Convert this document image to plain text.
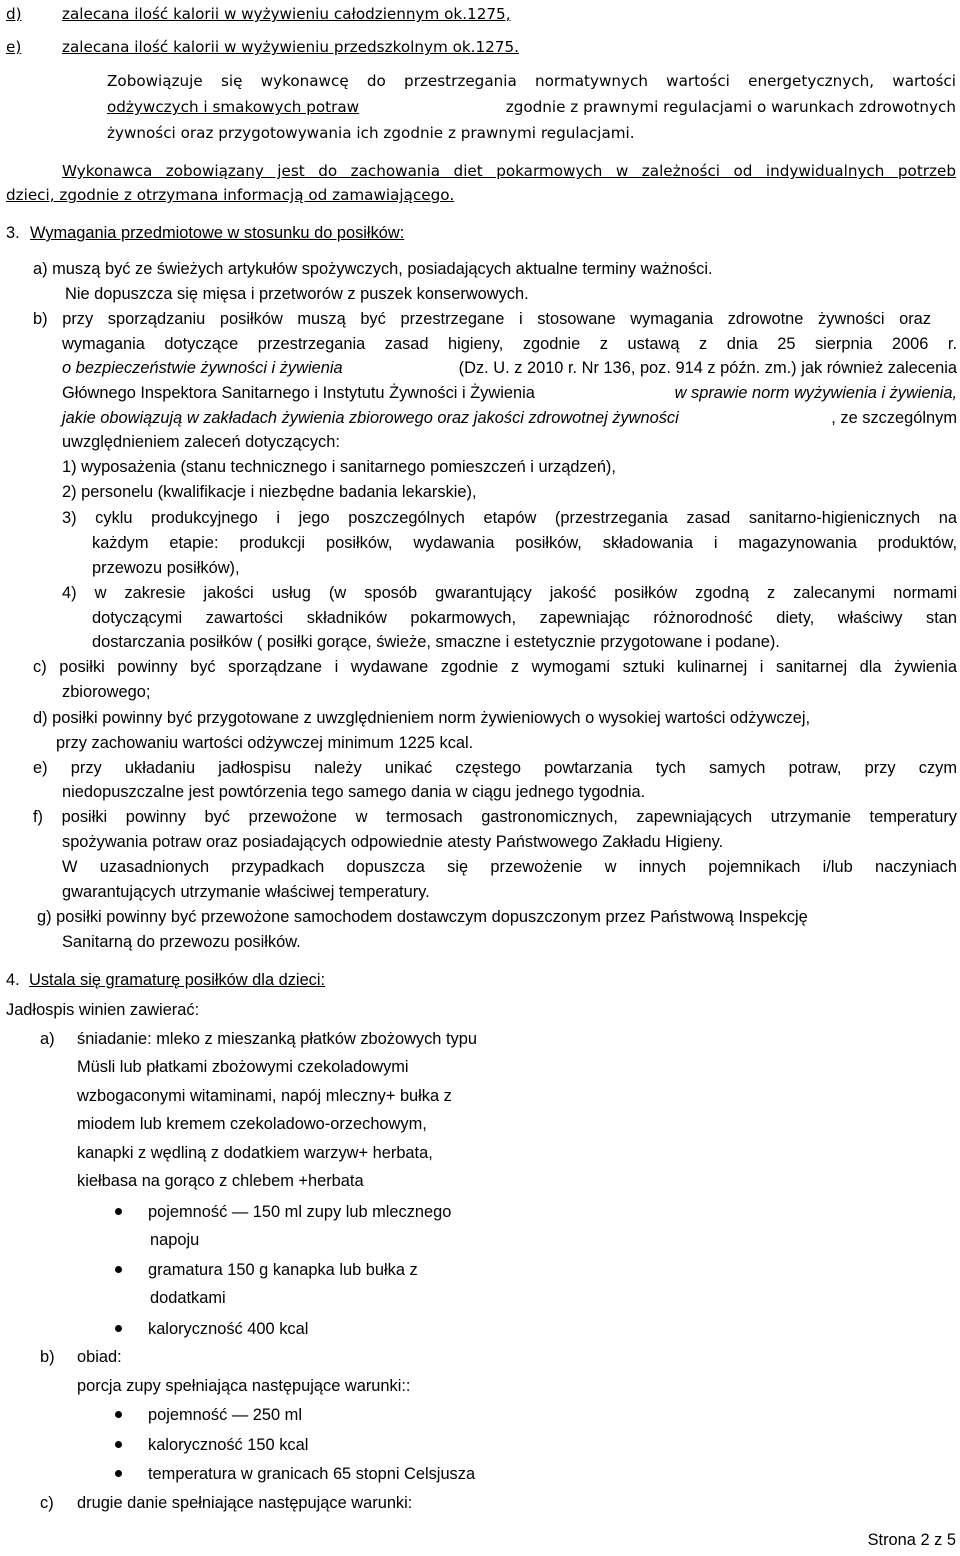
d)	zalecana ilość kalorii w wyżywieniu całodziennym ok.1275,
e)	zalecana ilość kalorii w wyżywieniu przedszkolnym ok.1275.
Zobowiązuje się wykonawcę do przestrzegania normatywnych wartości energetycznych, wartości
odżywczych i smakowych potraw	zgodnie z prawnymi regulacjami o warunkach zdrowotnych
żywności oraz przygotowywania ich zgodnie z prawnymi regulacjami.
Wykonawca zobowiązany jest do zachowania diet pokarmowych w zależności od indywidualnych potrzeb
dzieci, zgodnie z otrzymana informacją od zamawiającego.
3. Wymagania przedmiotowe w stosunku do posiłków:
a) muszą być ze świeżych artykułów spożywczych, posiadających aktualne terminy ważności.
Nie dopuszcza się mięsa i przetworów z puszek konserwowych.
b) przy sporządzaniu posiłków muszą być przestrzegane i stosowane wymagania zdrowotne żywności oraz
wymagania dotyczące przestrzegania zasad higieny, zgodnie z ustawą z dnia 25 sierpnia 2006 r.
o bezpieczeństwie żywności i żywienia	(Dz. U. z 2010 r. Nr 136, poz. 914 z późn. zm.) jak również zalecenia
Głównego Inspektora Sanitarnego i Instytutu Żywności i Żywienia	w sprawie norm wyżywienia i żywienia,
jakie obowiązują w zakładach żywienia zbiorowego oraz jakości zdrowotnej żywności	, ze szczególnym
uwzględnieniem zaleceń dotyczących:
1) wyposażenia (stanu technicznego i sanitarnego pomieszczeń i urządzeń),
2) personelu (kwalifikacje i niezbędne badania lekarskie),
3) cyklu produkcyjnego i jego poszczególnych etapów (przestrzegania zasad sanitarno-higienicznych na
każdym etapie: produkcji posiłków, wydawania posiłków, składowania i magazynowania produktów,
przewozu posiłków),
4) w zakresie jakości usług (w sposób gwarantujący jakość posiłków zgodną z zalecanymi normami
dotyczącymi zawartości składników pokarmowych, zapewniając różnorodność diety, właściwy stan
dostarczania posiłków ( posiłki gorące, świeże, smaczne i estetycznie przygotowane i podane).
c) posiłki powinny być sporządzane i wydawane zgodnie z wymogami sztuki kulinarnej i sanitarnej dla żywienia
zbiorowego;
d) posiłki powinny być przygotowane z uwzględnieniem norm żywieniowych o wysokiej wartości odżywczej,
przy zachowaniu wartości odżywczej minimum 1225 kcal.
e) przy układaniu jadłospisu należy unikać częstego powtarzania tych samych potraw, przy czym
niedopuszczalne jest powtórzenia tego samego dania w ciągu jednego tygodnia.
f) posiłki powinny być przewożone w termosach gastronomicznych, zapewniających utrzymanie temperatury
spożywania potraw oraz posiadających odpowiednie atesty Państwowego Zakładu Higieny.
W uzasadnionych przypadkach dopuszcza się przewożenie w innych pojemnikach i/lub naczyniach
gwarantujących utrzymanie właściwej temperatury.
g) posiłki powinny być przewożone samochodem dostawczym dopuszczonym przez Państwową Inspekcję
Sanitarną do przewozu posiłków.
4. Ustala się gramaturę posiłków dla dzieci:
Jadłospis winien zawierać:
a) śniadanie: mleko z mieszanką płatków zbożowych typu
Müsli lub płatkami zbożowymi czekoladowymi
wzbogaconymi witaminami, napój mleczny+ bułka z
miodem lub kremem czekoladowo-orzechowym,
kanapki z wędliną z dodatkiem warzyw+ herbata,
kiełbasa na gorąco z chlebem +herbata
pojemność — 150 ml zupy lub mlecznego
napoju
gramatura 150 g kanapka lub bułka z
dodatkami
kaloryczność 400 kcal
b) obiad:
porcja zupy spełniająca następujące warunki::
pojemność — 250 ml
kaloryczność 150 kcal
temperatura w granicach 65 stopni Celsjusza
c) drugie danie spełniające następujące warunki:
Strona 2 z 5
